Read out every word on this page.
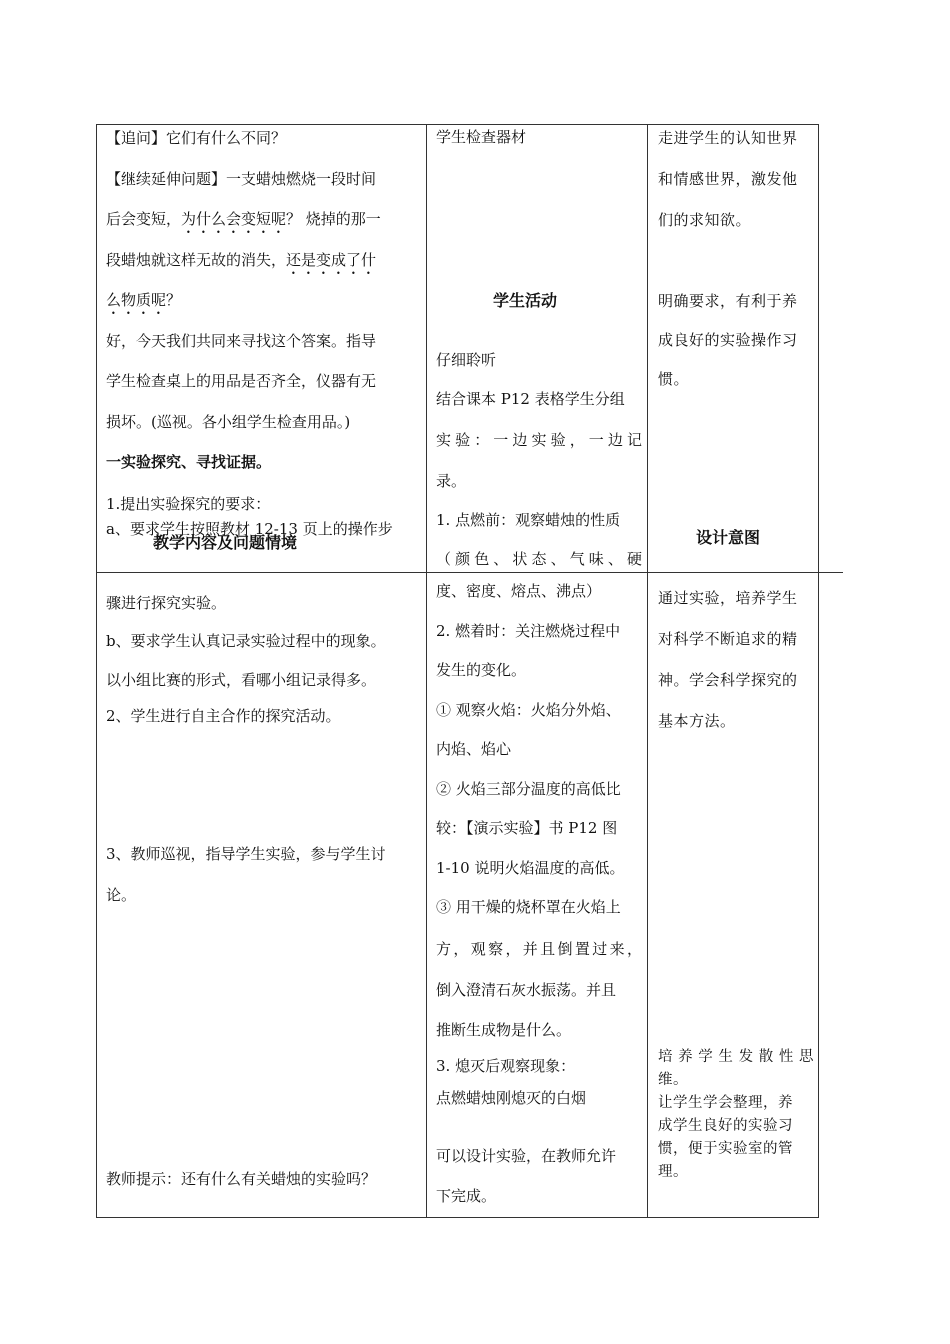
【追问】它们有什么不同？

【继续延伸问题】一支蜡烛燃烧一段时间

后会变短，为什么会变短呢？ 烧掉的那一

段蜡烛就这样无故的消失，还是变成了什

么物质呢？

好，今天我们共同来寻找这个答案。指导

学生检查桌上的用品是否齐全，仪器有无

损坏。(巡视。各小组学生检查用品。)

一实验探究、寻找证据。

1.提出实验探究的要求：

a、要求学生按照教材 12-13 页上的操作步

教学内容及问题情境
学生活动
设计意图

学生检查器材

仔细聆听

结合课本 P12 表格学生分组

实验：一边实验，一边记

录。

1. 点燃前：观察蜡烛的性质

（颜色、状态、气味、硬

走进学生的认知世界

和情感世界，激发他

们的求知欲。

明确要求，有利于养

成良好的实验操作习

惯。

骤进行探究实验。

b、要求学生认真记录实验过程中的现象。

以小组比赛的形式，看哪小组记录得多。

2、学生进行自主合作的探究活动。

3、教师巡视，指导学生实验，参与学生讨

论。

教师提示：还有什么有关蜡烛的实验吗？

度、密度、熔点、沸点）

2. 燃着时：关注燃烧过程中

发生的变化。

① 观察火焰：火焰分外焰、

内焰、焰心

② 火焰三部分温度的高低比

较：【演示实验】书 P12 图

1-10 说明火焰温度的高低。

③ 用干燥的烧杯罩在火焰上

方，观察，并且倒置过来，

倒入澄清石灰水振荡。并且

推断生成物是什么。

3. 熄灭后观察现象：

点燃蜡烛刚熄灭的白烟

可以设计实验，在教师允许

下完成。

通过实验，培养学生

对科学不断追求的精

神。学会科学探究的

基本方法。

培养学生发散性思

维。

让学生学会整理，养

成学生良好的实验习

惯，便于实验室的管

理。
